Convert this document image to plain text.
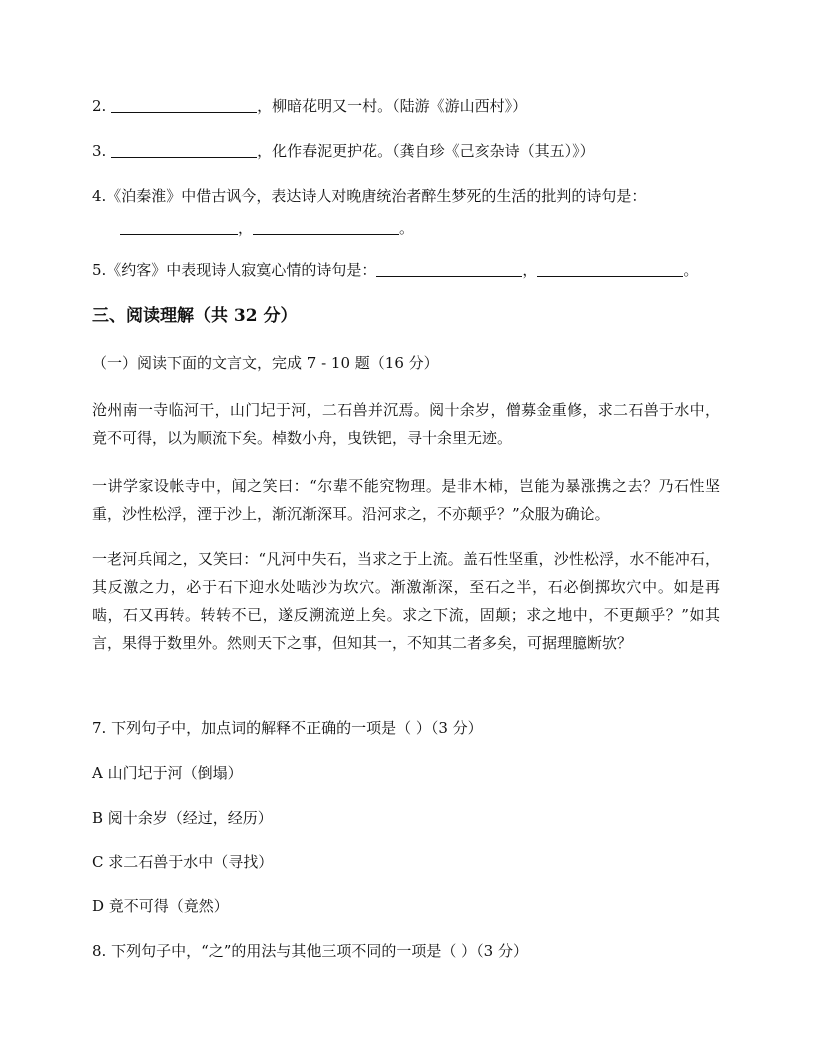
2.	，柳暗花明又一村。（陆游《游山西村》）
3.	，化作春泥更护花。（龚自珍《己亥杂诗（其五）》）
4.《泊秦淮》中借古讽今，表达诗人对晚唐统治者醉生梦死的生活的批判的诗句是：
，	。
5.《约客》中表现诗人寂寞心情的诗句是：	，	。
三、阅读理解（共 32 分）
（一）阅读下面的文言文，完成 7 - 10 题（16 分）
沧州南一寺临河干，山门圮于河，二石兽并沉焉。阅十余岁，僧募金重修，求二石兽于水中，竟不可得，以为顺流下矣。棹数小舟，曳铁钯，寻十余里无迹。
一讲学家设帐寺中，闻之笑曰：“尔辈不能究物理。是非木杮，岂能为暴涨携之去？乃石性坚重，沙性松浮，湮于沙上，渐沉渐深耳。沿河求之，不亦颠乎？”众服为确论。
一老河兵闻之，又笑曰：“凡河中失石，当求之于上流。盖石性坚重，沙性松浮，水不能冲石，其反激之力，必于石下迎水处啮沙为坎穴。渐激渐深，至石之半，石必倒掷坎穴中。如是再啮，石又再转。转转不已，遂反溯流逆上矣。求之下流，固颠；求之地中，不更颠乎？”如其言，果得于数里外。然则天下之事，但知其一，不知其二者多矣，可据理臆断欤？
7. 下列句子中，加点词的解释不正确的一项是（ ）（3 分）
A 山门圮于河（倒塌）
B 阅十余岁（经过，经历）
C 求二石兽于水中（寻找）
D 竟不可得（竟然）
8. 下列句子中，“之”的用法与其他三项不同的一项是（ ）（3 分）
